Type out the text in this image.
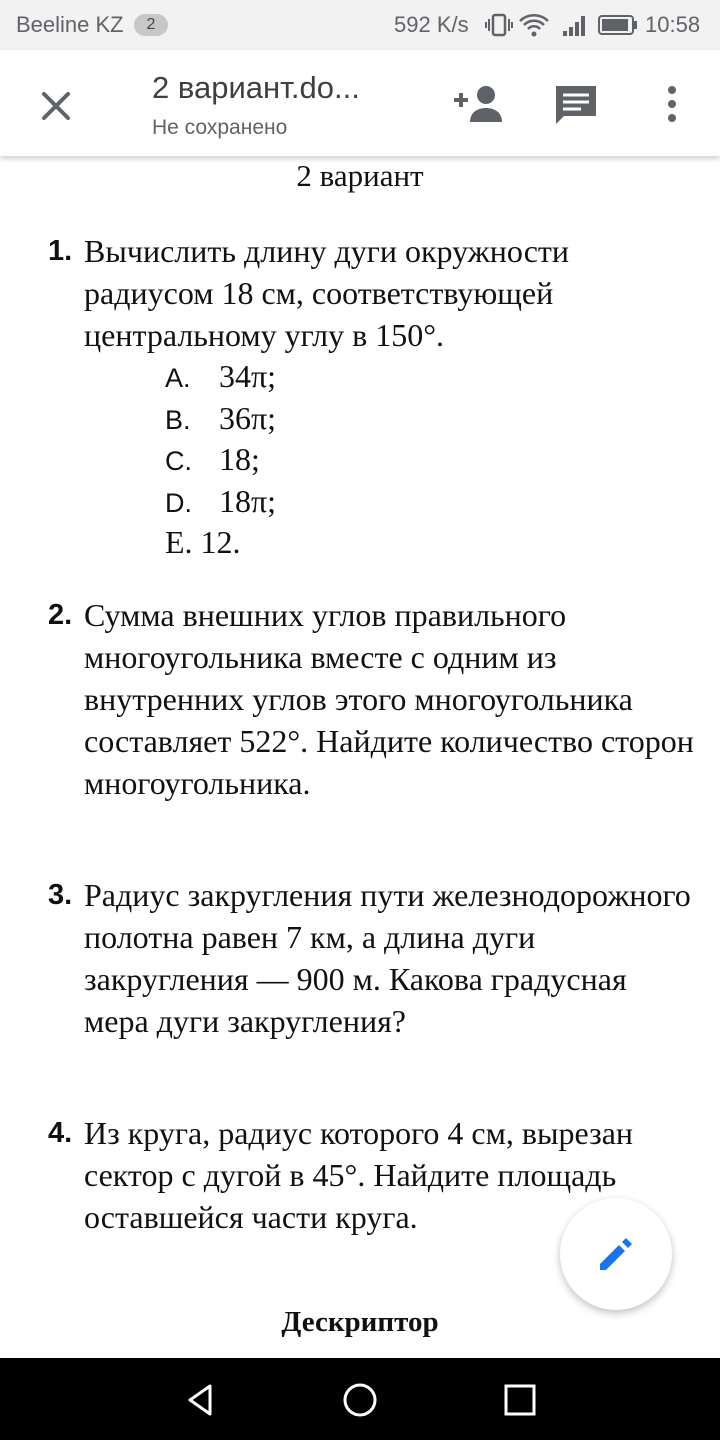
Beeline KZ	2	592 K/s	10:58
2 вариант.do...
Не сохранено
2 вариант
1. Вычислить длину дуги окружности радиусом 18 см, соответствующей центральному углу в 150°.
A. 34π;
B. 36π;
C. 18;
D. 18π;
E. 12.
2. Сумма внешних углов правильного многоугольника вместе с одним из внутренних углов этого многоугольника составляет 522°. Найдите количество сторон многоугольника.
3. Радиус закругления пути железнодорожного полотна равен 7 км, а длина дуги закругления — 900 м. Какова градусная мера дуги закругления?
4. Из круга, радиус которого 4 см, вырезан сектор с дугой в 45°. Найдите площадь оставшейся части круга.
Дескриптор
